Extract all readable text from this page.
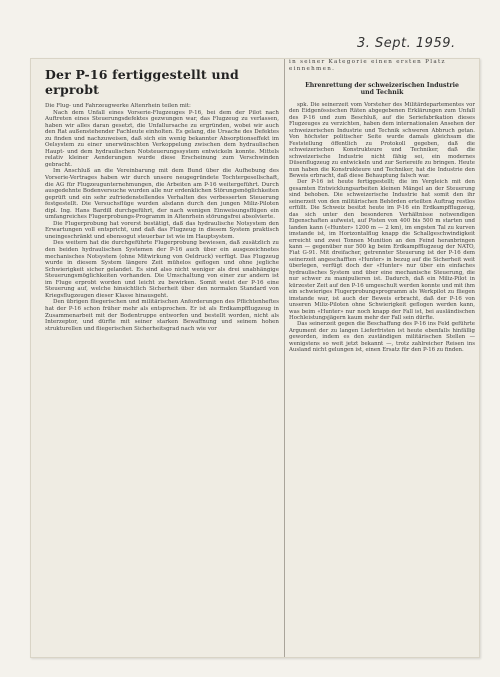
3. Sept. 1959.
Der P-16 fertiggestellt und erprobt

Die Flug- und Fahrzeugwerke Altenrhein teilen mit:

Nach dem Unfall eines Vorserie-Flugzeuges P-16, bei dem der Pilot nach Auftreten eines Steuerungsdefektes gezwungen war, das Flugzeug zu verlassen, haben wir alles daran gesetzt, die Unfallursache zu ergründen, wobei wir auch den Rat außenstehender Fachleute einholten. Es gelang, die Ursache des Defektes zu finden und nachzuweisen, daß sich ein wenig bekannter Absorptionseffekt im Oelsystem zu einer unerwünschten Verkoppelung zwischen dem hydraulischen Haupt- und dem hydraulischen Notsteuerungssystem entwickeln konnte. Mittels relativ kleiner Aenderungen wurde diese Erscheinung zum Verschwinden gebracht.

Im Anschluß an die Vereinbarung mit dem Bund über die Aufhebung des Vorserie-Vertrages haben wir durch unsere neugegründete Tochtergesellschaft, die AG für Flugzeugunternehmungen, die Arbeiten am P-16 weitergeführt. Durch ausgedehnte Bodenversuche wurden alle nur erdenklichen Störungsmöglichkeiten geprüft und ein sehr zufriedenstellendes Verhalten des verbesserten Steuerung festgestellt. Die Versuchsflüge wurden alsdann durch den jungen Miliz-Piloten dipl. Ing. Hans Bardill durchgeführt, der nach wenigen Einweisungsflügen ein umfangreiches Flugerprobungs-Programm in Altenrhein störungsfrei absolvierte.

Die Flugerprobung hat vorerst bestätigt, daß das hydraulische Notsystem den Erwartungen voll entspricht, und daß das Flugzeug in diesem System praktisch uneingeschränkt und ebensogut steuerbar ist wie im Hauptsystem.

Des weitern hat die durchgeführte Flugerprobung bewiesen, daß zusätzlich zu den beiden hydraulischen Systemen der P-16 auch über ein ausgezeichnetes mechanisches Notsystem (ohne Mitwirkung von Oeldruck) verfügt. Das Flugzeug wurde in diesem System längere Zeit mühelos geflogen und ohne jegliche Schwierigkeit sicher gelandet. Es sind also nicht weniger als drei unabhängige Steuerungsmöglichkeiten vorhanden. Die Umschaltung von einer zur andern ist im Fluge erprobt worden und leicht zu bewirken. Somit weist der P-16 eine Steuerung auf, welche hinsichtlich Sicherheit über den normalen Standard von Kriegsflugzeugen dieser Klasse hinausgeht.

Den übrigen fliegerischen und militärischen Anforderungen des Pflichtenheftes hat der P-16 schon früher mehr als entsprochen. Er ist als Erdkampfflugzeug in Zusammenarbeit mit der Bodentruppe entworfen und bestellt worden, nicht als Interzeptor, und dürfte mit seiner starken Bewaffnung und seinem hohen strukturellen und fliegerischen Sicherheitsgrad nach wie vor

in seiner Kategorie einen ersten Platz einnehmen.

Ehrenrettung der schweizerischen Industrie und Technik

spk. Die seinerzeit vom Vorsteher des Militärdepartementes vor den Eidgenössischen Räten abgegebenen Erklärungen zum Unfall des P-16 und zum Beschluß, auf die Seriefabrikation dieses Flugzeuges zu verzichten, haben dem internationalen Ansehen der schweizerischen Industrie und Technik schweren Abbruch getan. Von höchster politischer Seite wurde damals gleichsam die Feststellung öffentlich zu Protokoll gegeben, daß die schweizerischen Konstrukteure und Techniker, daß die schweizerische Industrie nicht fähig sei, ein modernes Düsenflugzeug zu entwickeln und zur Seriereife zu bringen. Heute nun haben die Konstrukteure und Techniker, hat die Industrie den Beweis erbracht, daß diese Behauptung falsch war.

Der P-16 ist heute fertiggestellt; die im Vergleich mit den gesamten Entwicklungsarbeiten kleinen Mängel an der Steuerung sind behoben. Die schweizerische Industrie hat somit den ihr seinerzeit von den militärischen Behörden erteilten Auftrag restlos erfüllt. Die Schweiz besitzt heute im P-16 ein Erdkampfflugzeug, das sich unter den besonderen Verhältnisse notwendigen Eigenschaften aufweist, auf Pisten von 400 bis 500 m starten und landen kann («Hunter» 1200 m — 2 km), im engsten Tal zu kurven imstande ist, im Horizontalflug knapp die Schallgeschwindigkeit erreicht und zwei Tonnen Munition an den Feind heranbringen kann — gegenüber nur 500 kg beim Erdkampfflugzeug der NATO, Fiat G-91. Mit dreifacher, getrennter Steuerung ist der P-16 dem seinerzeit angeschafften «Hunter» in bezug auf die Sicherheit weit überlegen, verfügt doch der «Hunter» nur über ein einfaches hydraulisches System und über eine mechanische Steuerung, die nur schwer zu manipulieren ist. Dadurch, daß ein Miliz-Pilot in kürzester Zeit auf den P-16 umgeschult werden konnte und mit ihm ein schwieriges Flugerprobungsprogramm als Werkpilot zu fliegen imstande war, ist auch der Beweis erbracht, daß der P-16 von unseren Miliz-Piloten ohne Schwierigkeit geflogen werden kann, was beim «Hunter» nur noch knapp der Fall ist, bei ausländischen Hochleistungsjägern kaum mehr der Fall sein dürfte.

Das seinerzeit gegen die Beschaffung des P-16 ins Feld geführte Argument der zu langen Lieferfristen ist heute ebenfalls hinfällig geworden, indem es den zuständigen militärischen Stellen — wenigstens so weit jetzt bekannt —, trotz zahlreicher Reisen ins Ausland nicht gelungen ist, einen Ersatz für den P-16 zu finden.
